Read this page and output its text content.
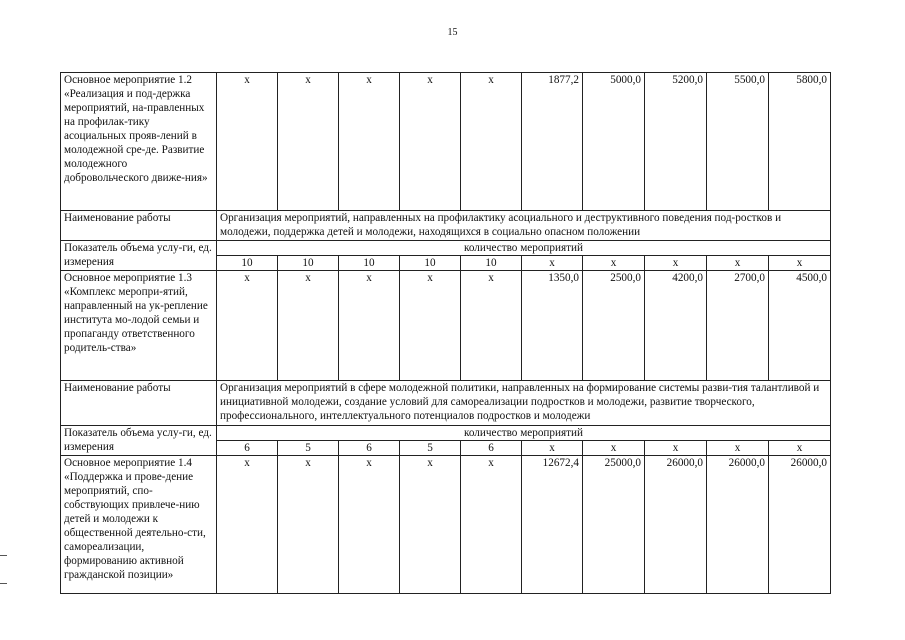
15
Основное мероприятие 1.2 «Реализация и под-держка мероприятий, на-правленных на профилак-тику асоциальных прояв-лений в молодежной сре-де. Развитие молодежного добровольческого движе-ния»	х	х	х	х	х	1877,2	5000,0	5200,0	5500,0	5800,0
Наименование работы	Организация мероприятий, направленных на профилактику асоциального и деструктивного поведения под-ростков и молодежи, поддержка детей и молодежи, находящихся в социально опасном положении									
Показатель объема услу-ги, ед. измерения	количество мероприятий									
	10	10	10	10	10	х	х	х	х	х
Основное мероприятие 1.3 «Комплекс меропри-ятий, направленный на ук-репление института мо-лодой семьи и пропаганду ответственного родитель-ства»	х	х	х	х	х	1350,0	2500,0	4200,0	2700,0	4500,0
Наименование работы	Организация мероприятий в сфере молодежной политики, направленных на формирование системы разви-тия талантливой и инициативной молодежи, создание условий для самореализации подростков и молодежи, развитие творческого, профессионального, интеллектуального потенциалов подростков и молодежи									
Показатель объема услу-ги, ед. измерения	количество мероприятий									
	6	5	6	5	6	х	х	х	х	х
Основное мероприятие 1.4 «Поддержка и прове-дение мероприятий, спо-собствующих привлече-нию детей и молодежи к общественной деятельно-сти, самореализации, формированию активной гражданской позиции»	х	х	х	х	х	12672,4	25000,0	26000,0	26000,0	26000,0
